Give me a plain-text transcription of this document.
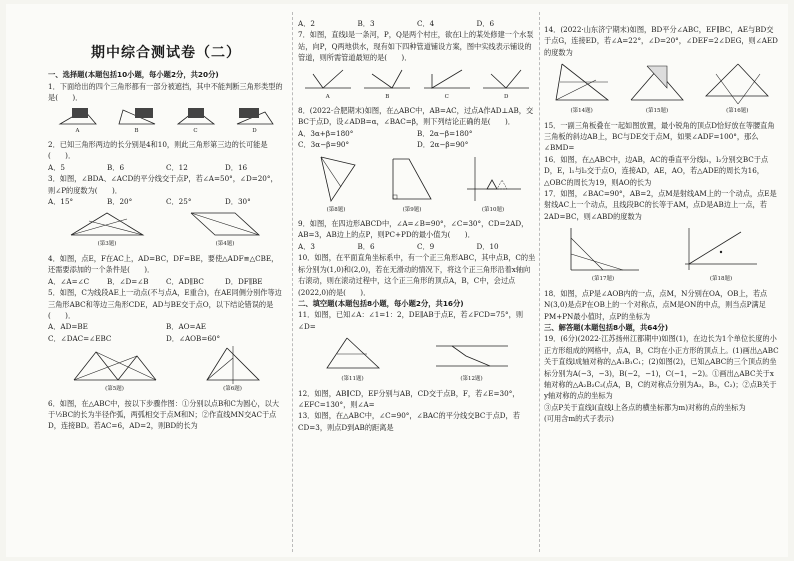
期中综合测试卷（二）
一、选择题(本题包括10小题，每小题2分，共20分)

1．下面给出的四个三角形都有一部分被遮挡，其中不能判断三角形类型的是(　　)．

A	B	C	D

2．已知三角形两边的长分别是4和10，则此三角形第三边的长可能是(　　)．

A．5	B．6	C．12	D．16

3．如图，∠BDA、∠ACD的平分线交于点P，若∠A=50°，∠D=20°，则∠P的度数为(　　)．

A．15°	B．20°	C．25°	D．30°
(第3题)	(第4题)

4．如图，点E，F在AC上，AD=BC，DF=BE，要使△ADF≌△CBE，还需要添加的一个条件是(　　)．

A．∠A=∠C	B．∠D=∠B	C．AD∥BC	D．DF∥BE

5．如图，C为线段AE上一动点(不与点A，E重合)，在AE同侧分别作等边三角形ABC和等边三角形CDE，AD与BE交于点O，以下结论错误的是(　　)．

A．AD=BE	B．AO=AE
C．∠DAC=∠EBC	D．∠AOB=60°
(第5题)	(第6题)

6．如图，在△ABC中，按以下步骤作图：①分别以点B和C为圆心，以大于½BC的长为半径作弧，两弧相交于点M和N；②作直线MN交AC于点D，连接BD。若AC=6，AD=2，则BD的长为

A．2	B．3	C．4	D．6

7．如图，直线l是一条河，P，Q是两个村庄，欲在l上的某处修建一个水泵站，向P，Q两地供水，现有如下四种管道铺设方案，图中实线表示铺设的管道，则所需管道最短的是(　　)．

A	B	C	D

8．(2022·合肥期末)如图，在△ABC中，AB=AC，过点A作AD⊥AB，交BC于点D，设∠ADB=α，∠BAC=β，则下列结论正确的是(　　)．

A．3α+β=180°	B．2α−β=180°
C．3α−β=90°	D．2α−β=90°
(第8题)	(第9题)	(第10题)

9．如图，在四边形ABCD中，∠A=∠B=90°，∠C=30°，CD=2AD，AB=3，AB边上的点P，则PC+PD的最小值为(　　)．

A．3	B．6	C．9	D．10

10．如图，在平面直角坐标系中，有一个正三角形ABC，其中点B，C的坐标分别为(1,0)和(2,0)，若在无滑动的情况下，将这个正三角形沿着x轴向右滚动，则在滚动过程中，这个正三角形的顶点A，B，C中，会过点(2022,0)的是(　　)．

二、填空题(本题包括8小题，每小题2分，共16分)

11．如图，已知∠A：∠1=1：2，DE∥AB于点E，若∠FCD=75°，则∠D=

(第11题)	(第12题)

12．如图，AB∥CD，EF分别与AB，CD交于点B，F，若∠E=30°，∠EFC=130°，则∠A=

13．如图，在△ABC中，∠C=90°，∠BAC的平分线交BC于点D，若CD=3，则点D到AB的距离是

14．(2022·山东济宁期末)如图，BD平分∠ABC，EF∥BC，AE与BD交于点G，连接ED，若∠A=22°，∠D=20°，∠DEF=2∠DEG，则∠AED的度数为

(第14题)	(第15题)	(第16题)

15．一副三角板叠在一起如图放置，最小锐角的顶点D恰好放在等腰直角三角板的斜边AB上，BC与DE交于点M，如果∠ADF=100°，那么∠BMD=

16．如图，在△ABC中，边AB，AC的垂直平分线l₁，l₂分别交BC于点D，E，l₁与l₂交于点O，连接AD，AE，AO，若△ADE的周长为16，△OBC的周长为19，则AO的长为

17．如图，∠BAC=90°，AB=2，点M是射线AM上的一个动点，点E是射线AC上一个动点，且线段BC的长等于AM，点D是AB边上一点，若2AD=BC，则∠ABD的度数为

(第17题)	(第18题)

18．如图，点P是∠AOB内的一点，点M，N分别在OA，OB上，若点N(3,0)是点P在OB上的一个对称点，点M是ON的中点，则当点P满足PM+PN最小值时，点P的坐标为

三、解答题(本题包括8小题，共64分)

19．(6分)(2022·江苏扬州江都期中)如图(1)，在边长为1个单位长度的小正方形组成的网格中，点A，B，C均在小正方形的顶点上。(1)画出△ABC关于直线l成轴对称的△A₁B₁C₁；(2)如图(2)，已知△ABC的三个顶点的坐标分别为A(−3，−3)，B(−2，−1)，C(−1，−2)。①画出△ABC关于x轴对称的△A₂B₂C₂(点A，B，C的对称点分别为A₂，B₂，C₂)；②点B关于y轴对称的点的坐标为

③点P关于直线l(直线l上各点的横坐标都为m)对称的点的坐标为

(可用含m的式子表示)
